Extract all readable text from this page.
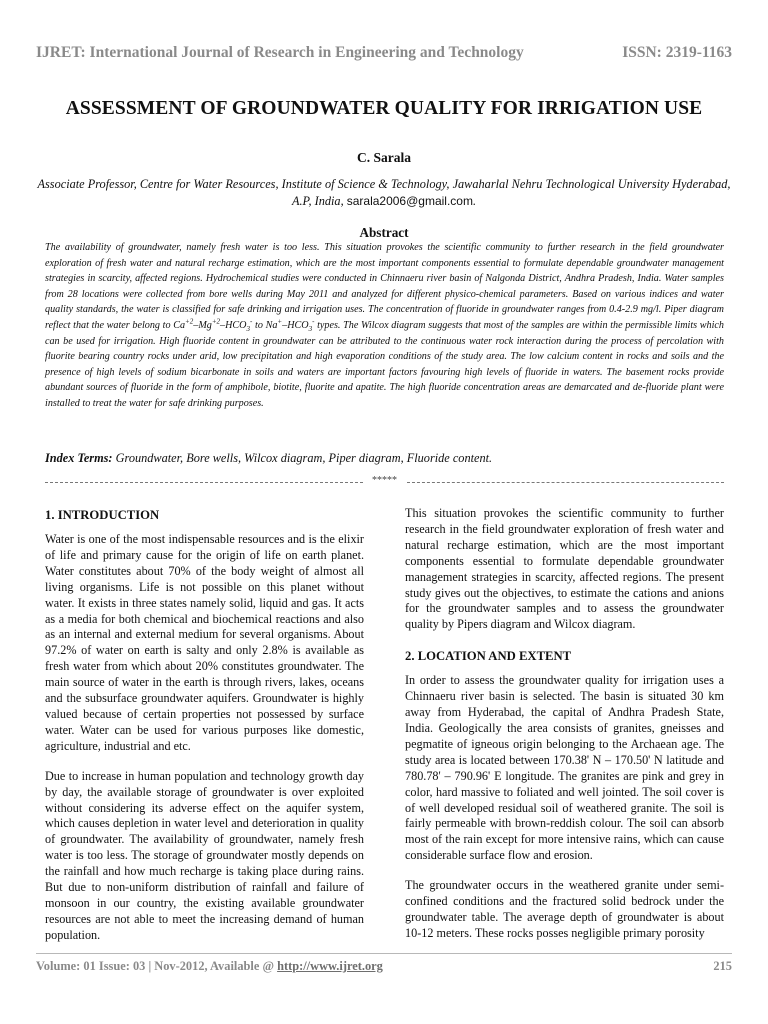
IJRET: International Journal of Research in Engineering and Technology	ISSN: 2319-1163
ASSESSMENT OF GROUNDWATER QUALITY FOR IRRIGATION USE
C. Sarala
Associate Professor, Centre for Water Resources, Institute of Science & Technology, Jawaharlal Nehru Technological University Hyderabad, A.P, India, sarala2006@gmail.com.
Abstract
The availability of groundwater, namely fresh water is too less. This situation provokes the scientific community to further research in the field groundwater exploration of fresh water and natural recharge estimation, which are the most important components essential to formulate dependable groundwater management strategies in scarcity, affected regions. Hydrochemical studies were conducted in Chinnaeru river basin of Nalgonda District, Andhra Pradesh, India. Water samples from 28 locations were collected from bore wells during May 2011 and analyzed for different physico-chemical parameters. Based on various indices and water quality standards, the water is classified for safe drinking and irrigation uses. The concentration of fluoride in groundwater ranges from 0.4-2.9 mg/l. Piper diagram reflect that the water belong to $Ca^{+2}-Mg^{+2}-HCO_3^-$ to $Na^+-HCO_3^-$ types. The Wilcox diagram suggests that most of the samples are within the permissible limits which can be used for irrigation. High fluoride content in groundwater can be attributed to the continuous water rock interaction during the process of percolation with fluorite bearing country rocks under arid, low precipitation and high evaporation conditions of the study area. The low calcium content in rocks and soils and the presence of high levels of sodium bicarbonate in soils and waters are important factors favouring high levels of fluoride in waters. The basement rocks provide abundant sources of fluoride in the form of amphibole, biotite, fluorite and apatite. The high fluoride concentration areas are demarcated and de-fluoride plant were installed to treat the water for safe drinking purposes.
Index Terms: Groundwater, Bore wells, Wilcox diagram, Piper diagram, Fluoride content.
*****
1. INTRODUCTION

Water is one of the most indispensable resources and is the elixir of life and primary cause for the origin of life on earth planet. Water constitutes about 70% of the body weight of almost all living organisms. Life is not possible on this planet without water. It exists in three states namely solid, liquid and gas. It acts as a media for both chemical and biochemical reactions and also as an internal and external medium for several organisms. About 97.2% of water on earth is salty and only 2.8% is available as fresh water from which about 20% constitutes groundwater. The main source of water in the earth is through rivers, lakes, oceans and the subsurface groundwater aquifers. Groundwater is highly valued because of certain properties not possessed by surface water. Water can be used for various purposes like domestic, agriculture, industrial and etc.

Due to increase in human population and technology growth day by day, the available storage of groundwater is over exploited without considering its adverse effect on the aquifer system, which causes depletion in water level and deterioration in quality of groundwater. The availability of groundwater, namely fresh water is too less. The storage of groundwater mostly depends on the rainfall and how much recharge is taking place during rains. But due to non-uniform distribution of rainfall and failure of monsoon in our country, the existing available groundwater resources are not able to meet the increasing demand of human population.

This situation provokes the scientific community to further research in the field groundwater exploration of fresh water and natural recharge estimation, which are the most important components essential to formulate dependable groundwater management strategies in scarcity, affected regions. The present study gives out the objectives, to estimate the cations and anions for the groundwater samples and to assess the groundwater quality by Pipers diagram and Wilcox diagram.

2. LOCATION AND EXTENT

In order to assess the groundwater quality for irrigation uses a Chinnaeru river basin is selected. The basin is situated 30 km away from Hyderabad, the capital of Andhra Pradesh State, India. Geologically the area consists of granites, gneisses and pegmatite of igneous origin belonging to the Archaean age. The study area is located between 170.38' N – 170.50' N latitude and 780.78' – 790.96' E longitude. The granites are pink and grey in color, hard massive to foliated and well jointed. The soil cover is of well developed residual soil of weathered granite. The soil is fairly permeable with brown-reddish colour. The soil can absorb most of the rain except for more intensive rains, which can cause considerable surface flow and erosion.

The groundwater occurs in the weathered granite under semi-confined conditions and the fractured solid bedrock under the groundwater table. The average depth of groundwater is about 10-12 meters. These rocks posses negligible primary porosity

Volume: 01 Issue: 03 | Nov-2012, Available @ http://www.ijret.org	215
